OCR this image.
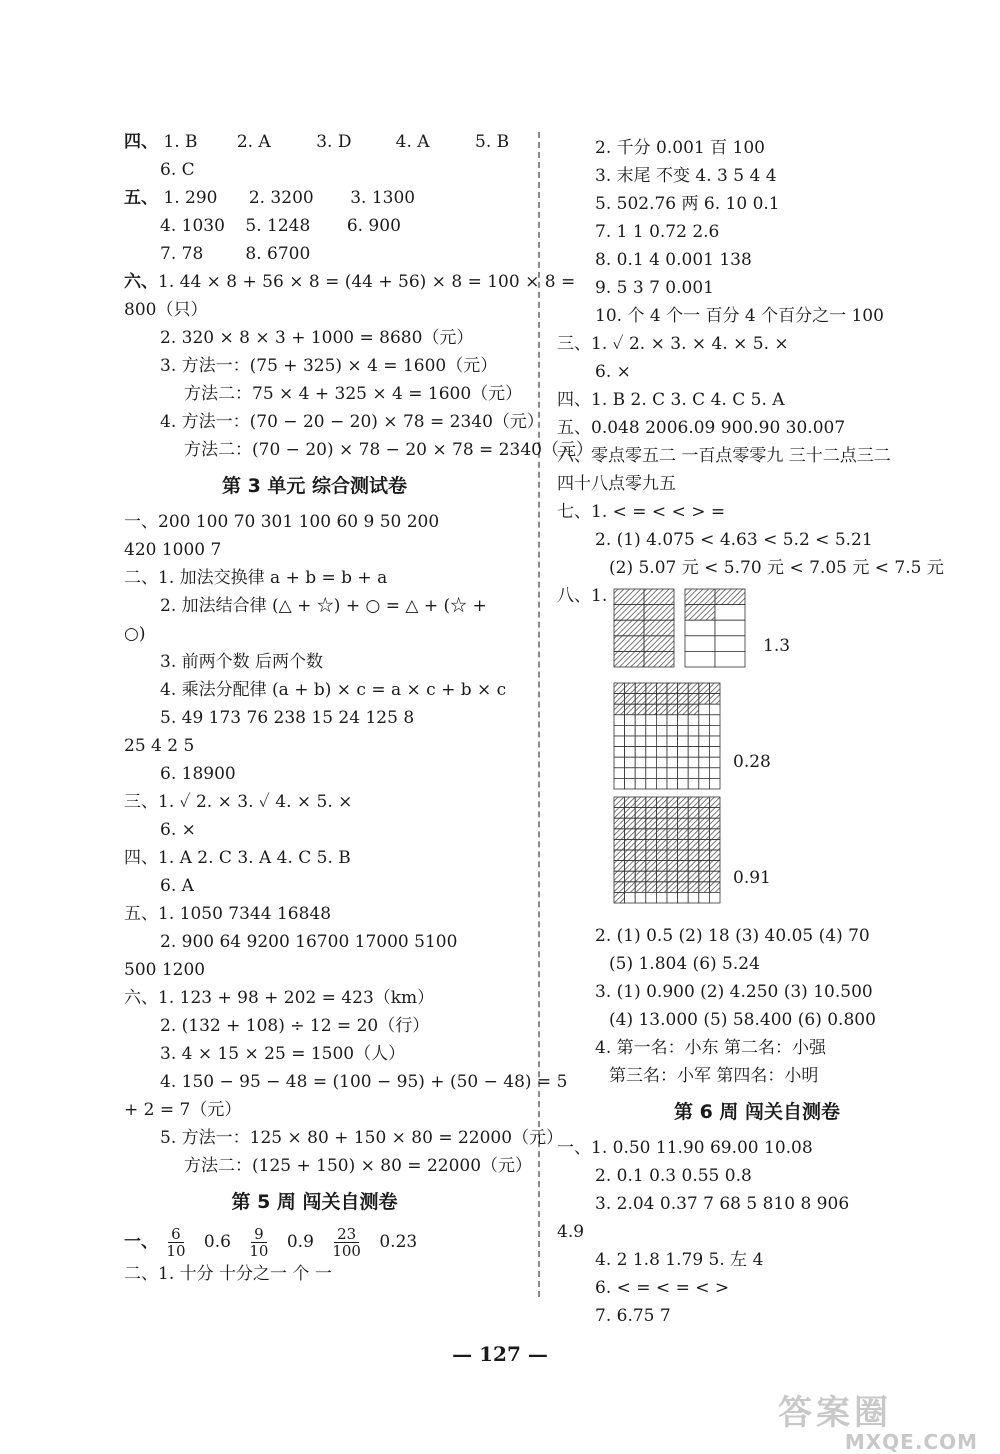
四、 1. B 2. A	3. D	4. A	5. B
6. C
五、 1. 290 2. 3200 3. 1300
4. 1030 5. 1248 6. 900
7. 78 8. 6700
六、1. 44 × 8 + 56 × 8 = (44 + 56) × 8 = 100 × 8 =
800（只）
2. 320 × 8 × 3 + 1000 = 8680（元）
3. 方法一：(75 + 325) × 4 = 1600（元）
方法二：75 × 4 + 325 × 4 = 1600（元）
4. 方法一：(70 − 20 − 20) × 78 = 2340（元）
方法二：(70 − 20) × 78 − 20 × 78 = 2340（元）
第 3 单元 综合测试卷
一、200 100 70 301 100 60 9 50 200
420 1000 7
二、1. 加法交换律 a + b = b + a
2. 加法结合律 (△ + ☆) + ○ = △ + (☆ +
○)
3. 前两个数 后两个数
4. 乘法分配律 (a + b) × c = a × c + b × c
5. 49 173 76 238 15 24 125 8
25 4 2 5
6. 18900
三、1. ✓ 2. × 3. ✓ 4. × 5. ×
6. ×
四、1. A 2. C 3. A 4. C 5. B
6. A
五、1. 1050 7344 16848
2. 900 64 9200 16700 17000 5100
500 1200
六、1. 123 + 98 + 202 = 423（km）
2. (132 + 108) ÷ 12 = 20（行）
3. 4 × 15 × 25 = 1500（人）
4. 150 − 95 − 48 = (100 − 95) + (50 − 48) = 5
+ 2 = 7（元）
5. 方法一：125 × 80 + 150 × 80 = 22000（元）
方法二：(125 + 150) × 80 = 22000（元）
第 5 周 闯关自测卷
一、 $\frac{6}{10} 0.6 \frac{9}{10} 0.9 \frac{23}{100} 0.23$
二、1. 十分 十分之一 个 一
2. 千分 0.001 百 100
3. 末尾 不变 4. 3 5 4 4
5. 502.76 两 6. 10 0.1
7. 1 1 0.72 2.6
8. 0.1 4 0.001 138
9. 5 3 7 0.001
10. 个 4 个一 百分 4 个百分之一 100
三、1. ✓ 2. × 3. × 4. × 5. ×
6. ×
四、1. B 2. C 3. C 4. C 5. A
五、0.048 2006.09 900.90 30.007
六、零点零五二 一百点零零九 三十二点三二
四十八点零九五
七、1. < = < < > =
2. (1) 4.075 < 4.63 < 5.2 < 5.21
(2) 5.07 元 < 5.70 元 < 7.05 元 < 7.5 元
八、1.
1.3
0.28
0.91
2. (1) 0.5 (2) 18 (3) 40.05 (4) 70
(5) 1.804 (6) 5.24
3. (1) 0.900 (2) 4.250 (3) 10.500
(4) 13.000 (5) 58.400 (6) 0.800
4. 第一名：小东 第二名：小强
第三名：小军 第四名：小明
第 6 周 闯关自测卷
一、1. 0.50 11.90 69.00 10.08
2. 0.1 0.3 0.55 0.8
3. 2.04 0.37 7 68 5 810 8 906
4.9
4. 2 1.8 1.79 5. 左 4
6. < = < = < >
7. 6.75 7
— 127 —
答案圈
MXQE.COM
